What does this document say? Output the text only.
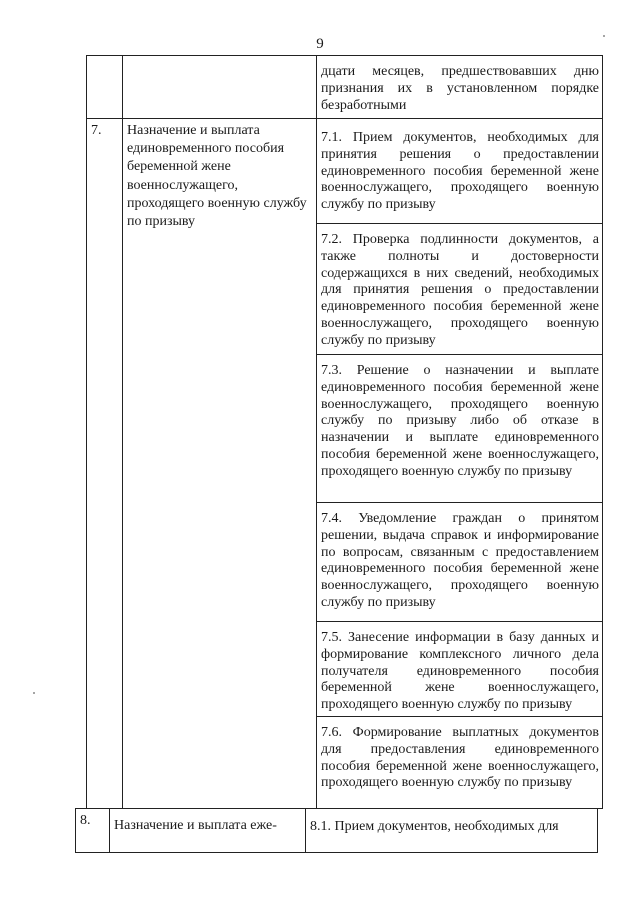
9
дцати месяцев, предшествовавших дню признания их в установленном порядке безработными
7.	Назначение и выплата единовременного пособия беременной жене военнослужащего, проходящего военную службу по призыву
7.1. Прием документов, необходимых для принятия решения о предоставлении единовременного пособия беременной жене военнослужащего, проходящего военную службу по призыву
7.2. Проверка подлинности документов, а также полноты и достоверности содержащихся в них сведений, необходимых для принятия решения о предоставлении единовременного пособия беременной жене военнослужащего, проходящего военную службу по призыву
7.3. Решение о назначении и выплате единовременного пособия беременной жене военнослужащего, проходящего военную службу по призыву либо об отказе в назначении и выплате единовременного пособия беременной жене военнослужащего, проходящего военную службу по призыву
7.4. Уведомление граждан о принятом решении, выдача справок и информирование по вопросам, связанным с предоставлением единовременного пособия беременной жене военнослужащего, проходящего военную службу по призыву
7.5. Занесение информации в базу данных и формирование комплексного личного дела получателя единовременного пособия беременной жене военнослужащего, проходящего военную службу по призыву
7.6. Формирование выплатных документов для предоставления единовременного пособия беременной жене военнослужащего, проходящего военную службу по призыву
8.	Назначение и выплата еже-	8.1. Прием документов, необходимых для
